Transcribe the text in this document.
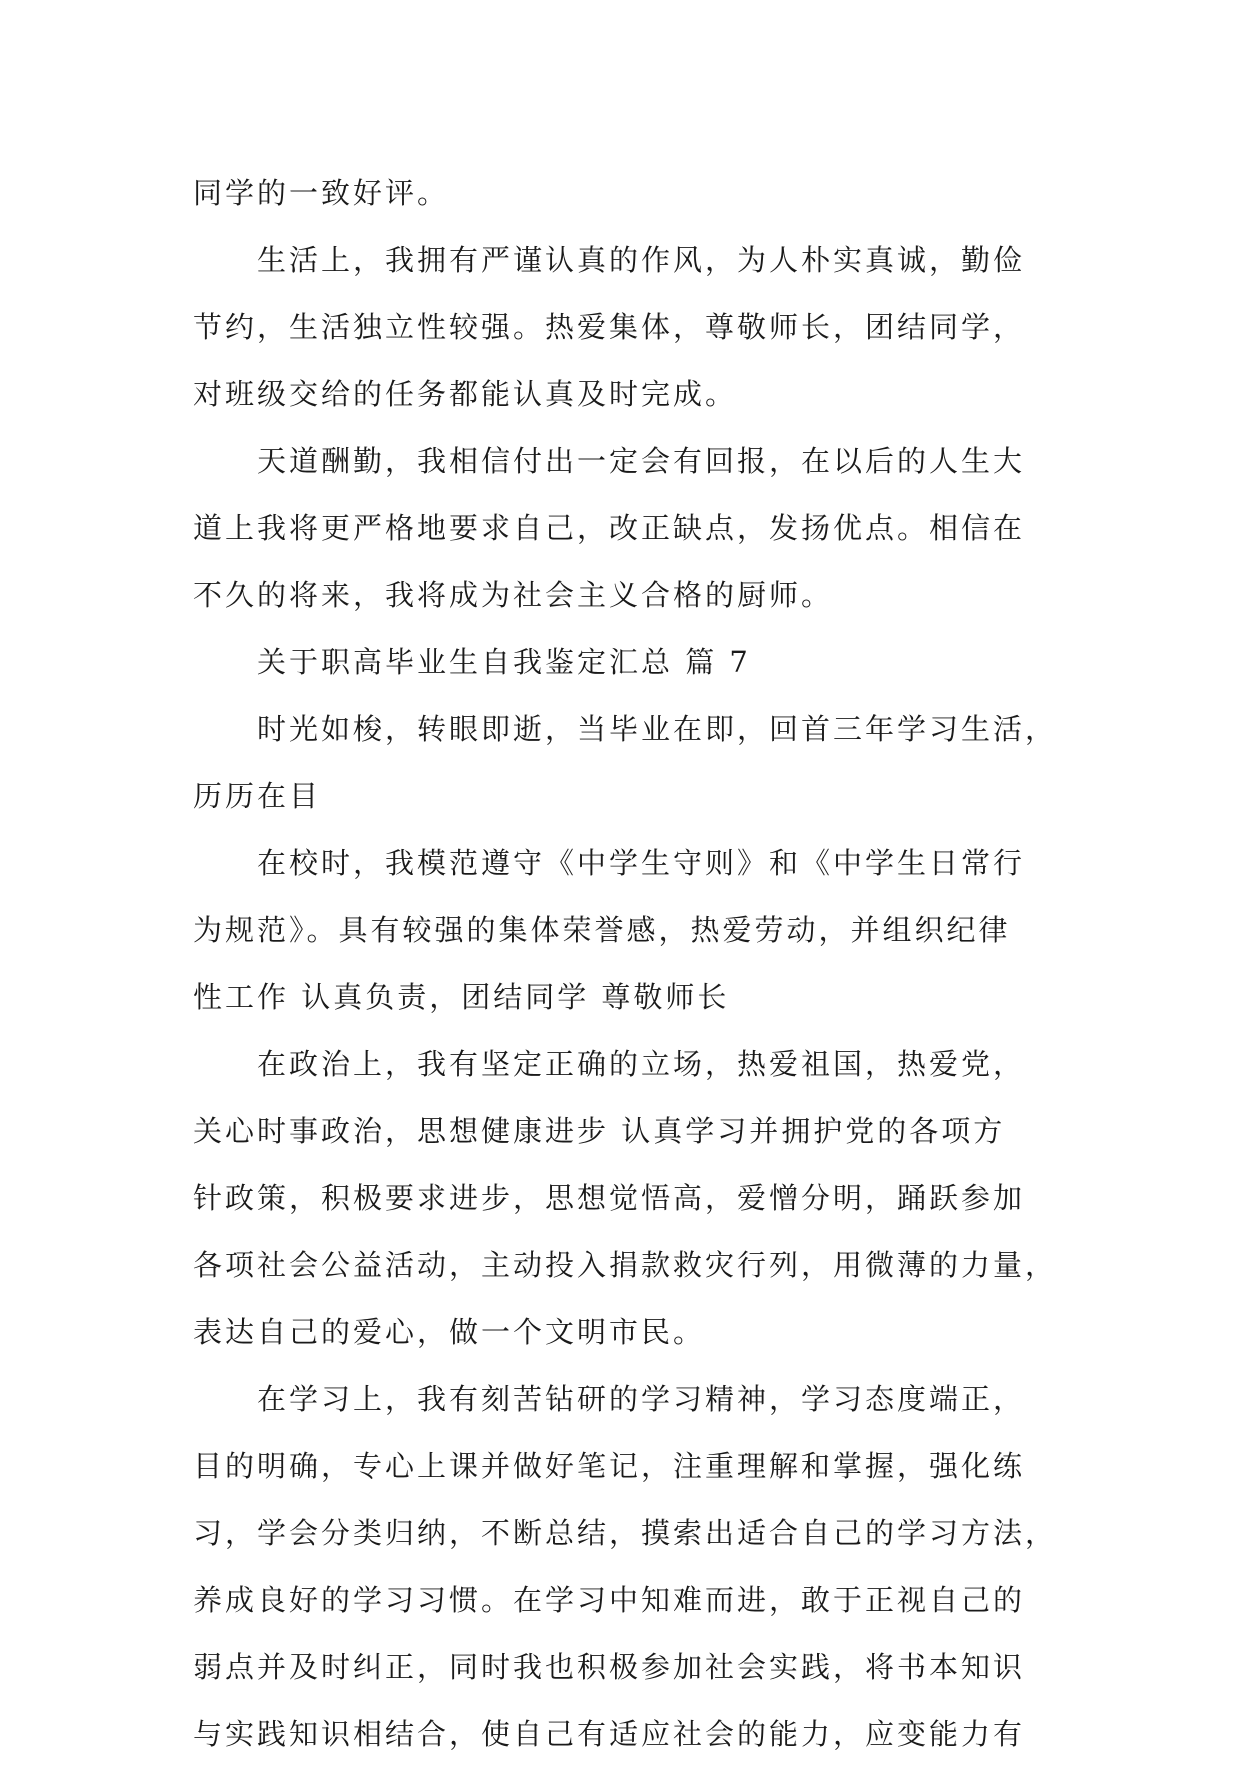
同学的一致好评。
生活上，我拥有严谨认真的作风，为人朴实真诚，勤俭
节约，生活独立性较强。热爱集体，尊敬师长，团结同学，
对班级交给的任务都能认真及时完成。
天道酬勤，我相信付出一定会有回报，在以后的人生大
道上我将更严格地要求自己，改正缺点，发扬优点。相信在
不久的将来，我将成为社会主义合格的厨师。
关于职高毕业生自我鉴定汇总 篇 7
时光如梭，转眼即逝，当毕业在即，回首三年学习生活，
历历在目
在校时，我模范遵守《中学生守则》和《中学生日常行
为规范》。具有较强的集体荣誉感，热爱劳动，并组织纪律
性工作 认真负责，团结同学 尊敬师长
在政治上，我有坚定正确的立场，热爱祖国，热爱党，
关心时事政治，思想健康进步 认真学习并拥护党的各项方
针政策，积极要求进步，思想觉悟高，爱憎分明，踊跃参加
各项社会公益活动，主动投入捐款救灾行列，用微薄的力量，
表达自己的爱心，做一个文明市民。
在学习上，我有刻苦钻研的学习精神，学习态度端正，
目的明确，专心上课并做好笔记，注重理解和掌握，强化练
习，学会分类归纳，不断总结，摸索出适合自己的学习方法，
养成良好的学习习惯。在学习中知难而进，敢于正视自己的
弱点并及时纠正，同时我也积极参加社会实践，将书本知识
与实践知识相结合，使自己有适应社会的能力，应变能力有
